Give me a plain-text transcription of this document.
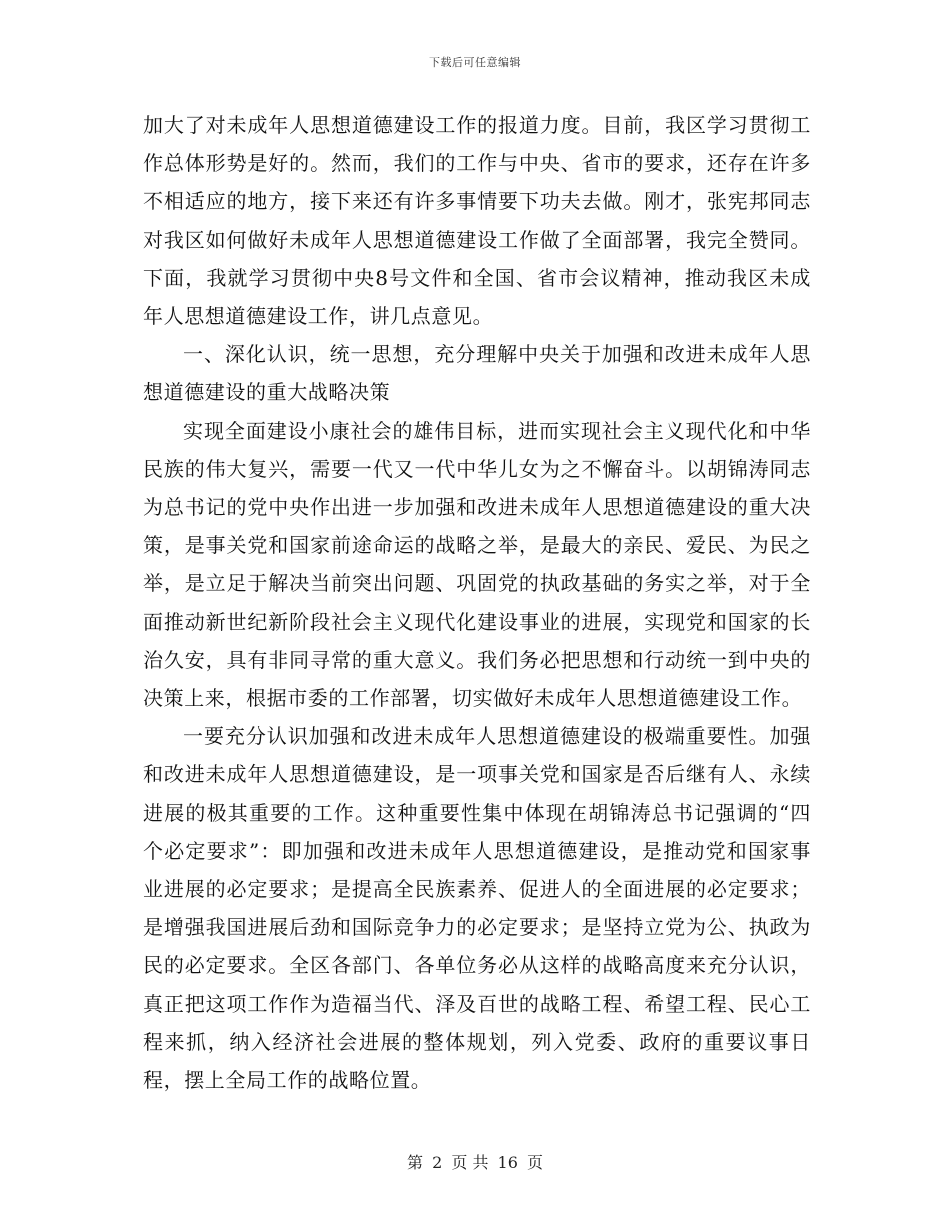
下载后可任意编辑

加大了对未成年人思想道德建设工作的报道力度。目前，我区学习贯彻工作总体形势是好的。然而，我们的工作与中央、省市的要求，还存在许多不相适应的地方，接下来还有许多事情要下功夫去做。刚才，张宪邦同志对我区如何做好未成年人思想道德建设工作做了全面部署，我完全赞同。下面，我就学习贯彻中央8号文件和全国、省市会议精神，推动我区未成年人思想道德建设工作，讲几点意见。

一、深化认识，统一思想，充分理解中央关于加强和改进未成年人思想道德建设的重大战略决策

实现全面建设小康社会的雄伟目标，进而实现社会主义现代化和中华民族的伟大复兴，需要一代又一代中华儿女为之不懈奋斗。以胡锦涛同志为总书记的党中央作出进一步加强和改进未成年人思想道德建设的重大决策，是事关党和国家前途命运的战略之举，是最大的亲民、爱民、为民之举，是立足于解决当前突出问题、巩固党的执政基础的务实之举，对于全面推动新世纪新阶段社会主义现代化建设事业的进展，实现党和国家的长治久安，具有非同寻常的重大意义。我们务必把思想和行动统一到中央的决策上来，根据市委的工作部署，切实做好未成年人思想道德建设工作。

一要充分认识加强和改进未成年人思想道德建设的极端重要性。加强和改进未成年人思想道德建设，是一项事关党和国家是否后继有人、永续进展的极其重要的工作。这种重要性集中体现在胡锦涛总书记强调的“四个必定要求”：即加强和改进未成年人思想道德建设，是推动党和国家事业进展的必定要求；是提高全民族素养、促进人的全面进展的必定要求；是增强我国进展后劲和国际竞争力的必定要求；是坚持立党为公、执政为民的必定要求。全区各部门、各单位务必从这样的战略高度来充分认识，真正把这项工作作为造福当代、泽及百世的战略工程、希望工程、民心工程来抓，纳入经济社会进展的整体规划，列入党委、政府的重要议事日程，摆上全局工作的战略位置。

第 2 页 共 16 页
